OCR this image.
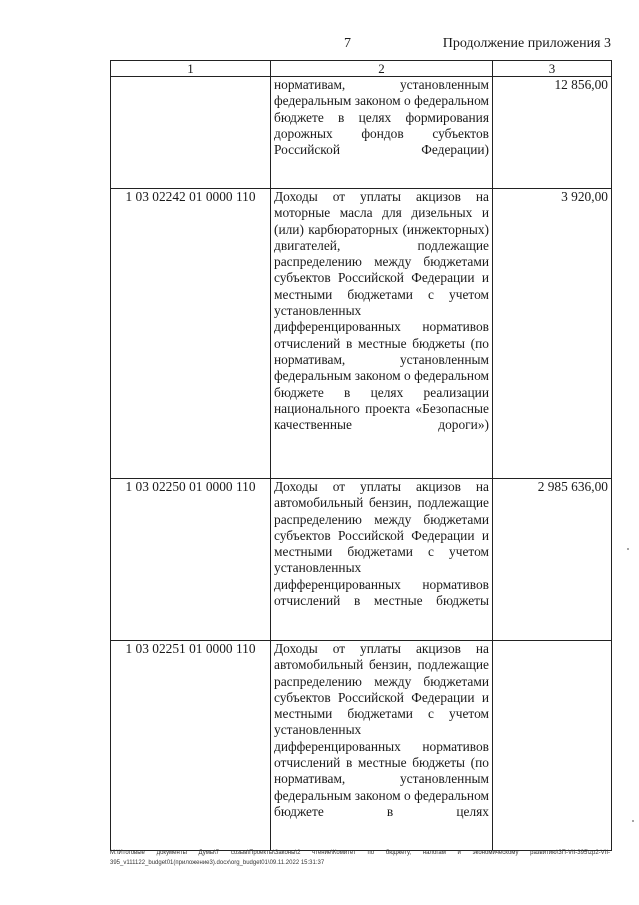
7	Продолжение приложения 3
1	2	3
	нормативам, установленным федеральным законом о федеральном бюджете в целях формирования дорожных фондов субъектов Российской Федерации)	12 856,00
1 03 02242 01 0000 110	Доходы от уплаты акцизов на моторные масла для дизельных и (или) карбюраторных (инжекторных) двигателей, подлежащие распределению между бюджетами субъектов Российской Федерации и местными бюджетами с учетом установленных дифференцированных нормативов отчислений в местные бюджеты (по нормативам, установленным федеральным законом о федеральном бюджете в целях реализации национального проекта «Безопасные качественные дороги»)	3 920,00
1 03 02250 01 0000 110	Доходы от уплаты акцизов на автомобильный бензин, подлежащие распределению между бюджетами субъектов Российской Федерации и местными бюджетами с учетом установленных дифференцированных нормативов отчислений в местные бюджеты	2 985 636,00
1 03 02251 01 0000 110	Доходы от уплаты акцизов на автомобильный бензин, подлежащие распределению между бюджетами субъектов Российской Федерации и местными бюджетами с учетом установленных дифференцированных нормативов отчислений в местные бюджеты (по нормативам, установленным федеральным законом о федеральном бюджете в целях	
М:\Итоговые документы Думы\7 созыв\Проекты\Законы\2 чтение\Комитет по бюджету, налогам и экономическому развитию\3П-VII-395\zp2-VII-395_v111122_budget01(приложение3).docx\org_budget01\09.11.2022 15:31:37
